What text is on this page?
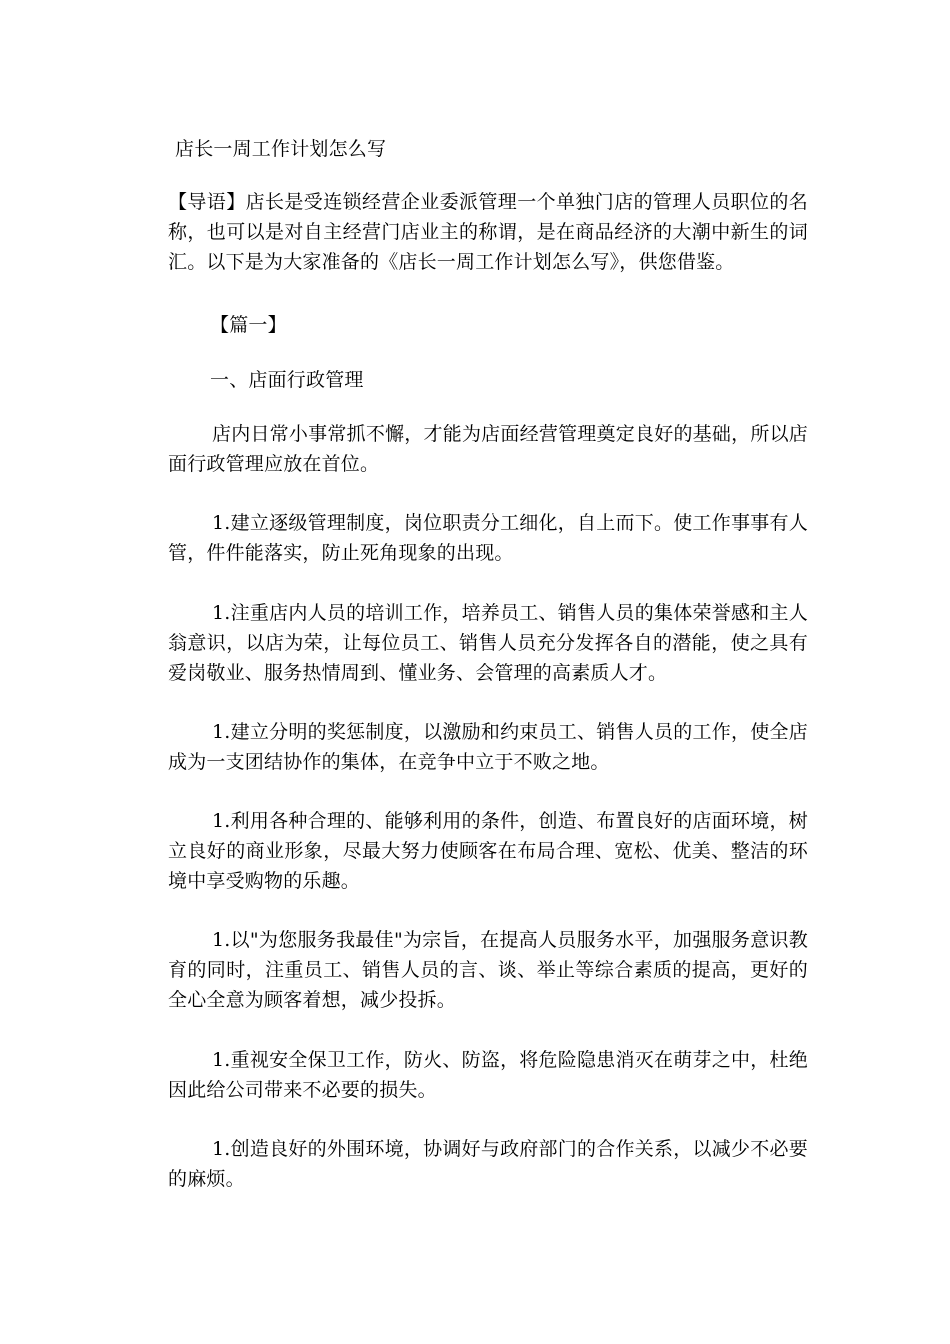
店长一周工作计划怎么写

【导语】店长是受连锁经营企业委派管理一个单独门店的管理人员职位的名称，也可以是对自主经营门店业主的称谓，是在商品经济的大潮中新生的词汇。以下是为大家准备的《店长一周工作计划怎么写》，供您借鉴。

【篇一】

一、店面行政管理

店内日常小事常抓不懈，才能为店面经营管理奠定良好的基础，所以店面行政管理应放在首位。

1.建立逐级管理制度，岗位职责分工细化，自上而下。使工作事事有人管，件件能落实，防止死角现象的出现。

1.注重店内人员的培训工作，培养员工、销售人员的集体荣誉感和主人翁意识，以店为荣，让每位员工、销售人员充分发挥各自的潜能，使之具有爱岗敬业、服务热情周到、懂业务、会管理的高素质人才。

1.建立分明的奖惩制度，以激励和约束员工、销售人员的工作，使全店成为一支团结协作的集体，在竞争中立于不败之地。

1.利用各种合理的、能够利用的条件，创造、布置良好的店面环境，树立良好的商业形象，尽最大努力使顾客在布局合理、宽松、优美、整洁的环境中享受购物的乐趣。

1.以"为您服务我最佳"为宗旨，在提高人员服务水平，加强服务意识教育的同时，注重员工、销售人员的言、谈、举止等综合素质的提高，更好的全心全意为顾客着想，减少投拆。

1.重视安全保卫工作，防火、防盗，将危险隐患消灭在萌芽之中，杜绝因此给公司带来不必要的损失。

1.创造良好的外围环境，协调好与政府部门的合作关系，以减少不必要的麻烦。
